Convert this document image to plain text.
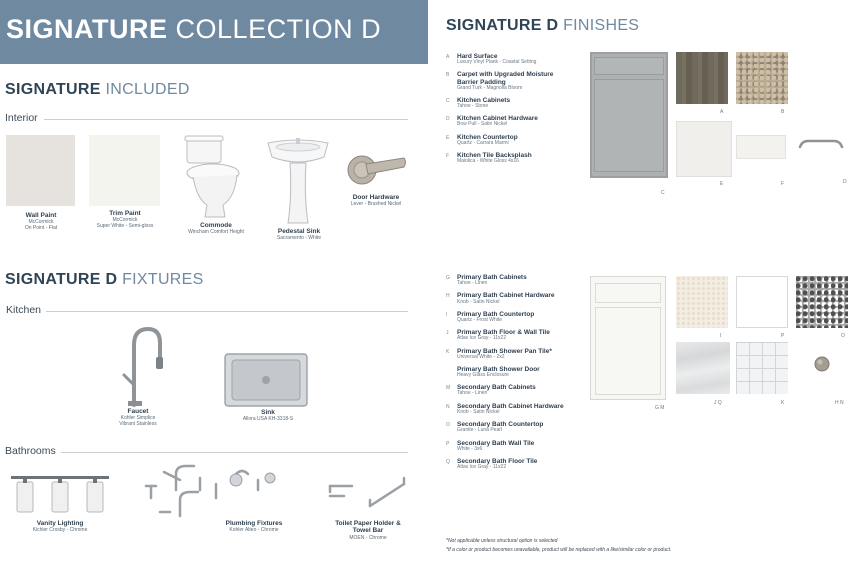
SIGNATURE COLLECTION D
SIGNATURE INCLUDED
Interior
Wall Paint
McCormick
On Point - Flat
Trim Paint
McCormick
Super White - Semi-gloss	Commode
Wincham Comfort Height	Pedestal Sink
Sacramento - White
Door Hardware
Lever - Brushed Nickel
SIGNATURE D FIXTURES
Kitchen
Faucet
Kohler Simplice
Vibrant Stainless
Sink
Allora USA KH-3318-S
Bathrooms
Vanity Lighting
Kichler Crosby - Chrome
Plumbing Fixtures
Kohler Alteo - Chrome
Toilet Paper Holder & Towel Bar
MOEN - Chrome
SIGNATURE D FINISHES
A Hard Surface
Luxury Vinyl Plank - Coastal Setting
B Carpet with Upgraded Moisture Barrier Padding
Grand Turk - Magnolia Bloom
C Kitchen Cabinets
Tahoe - Stone
D Kitchen Cabinet Hardware
Bow Pull - Satin Nickel
E Kitchen Countertop
Quartz - Carrara Marmi
F Kitchen Tile Backsplash
Maiolica - White Gloss 4x16
C
A	B
E	F	D
G Primary Bath Cabinets
Tahoe - Linen
H Primary Bath Cabinet Hardware
Knob - Satin Nickel
I Primary Bath Countertop
Quartz - Frost White
J Primary Bath Floor & Wall Tile
Atlas Ice Gray - 11x22
K Primary Bath Shower Pan Tile*
Universal White - 2x2
Primary Bath Shower Door
Heavy Glass Enclosure
M Secondary Bath Cabinets
Tahoe - Linen
N Secondary Bath Cabinet Hardware
Knob - Satin Nickel
O Secondary Bath Countertop
Granite - Luna Pearl
P Secondary Bath Wall Tile
White - 3x6
Q Secondary Bath Floor Tile
Atlas Ice Gray - 11x22
G M
I	P	O
J Q	K	H N
*Not applicable unless structural option is selected
*If a color or product becomes unavailable, product will be replaced with a like/similar color or product.
